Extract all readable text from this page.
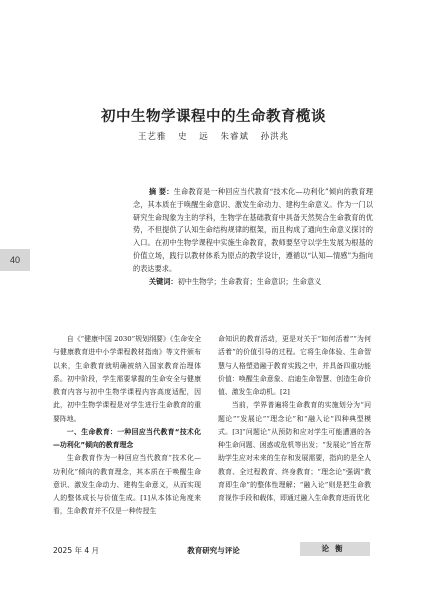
40
初中生物学课程中的生命教育榄谈
王艺雅 史 远 朱睿斌 孙洪兆

摘 要：生命教育是一种回应当代教育“技术化—功利化”倾向的教育理念，其本质在于唤醒生命意识、激发生命动力、建构生命意义。作为一门以研究生命现象为主的学科，生物学在基础教育中具备天然契合生命教育的优势，不但提供了认知生命结构规律的框架，而且构成了通向生命意义探讨的入口。在初中生物学课程中实施生命教育，教师要坚守以学生发展为根基的价值立场，践行以教材体系为原点的教学设计，遵循以“认知—情感”为指向的表达要求。

关键词：初中生物学；生命教育；生命意识；生命意义

自《“健康中国 2030”规划纲要》《生命安全与健康教育进中小学课程教材指南》等文件颁布以来，生命教育就明确被纳入国家教育治理体系。初中阶段，学生需要掌握的生命安全与健康教育内容与初中生物学课程内容高度适配，因此，初中生物学课程是对学生进行生命教育的重要阵地。

一、生命教育：一种回应当代教育“技术化—功利化”倾向的教育理念

生命教育作为一种回应当代教育“技术化—功利化”倾向的教育理念，其本质在于唤醒生命意识、激发生命动力、建构生命意义，从而实现人的整体成长与价值生成。[1]从本体论角度来看，生命教育并不仅是一种传授生

命知识的教育活动，更是对关于“如何活着”“为何活着”的价值引导的过程。它将生命体验、生命智慧与人格塑造融于教育实践之中，并具备四重功能价值：唤醒生命意象、启迪生命智慧、创造生命价值、激发生命动机。[2]

当前，学界普遍将生命教育的实施划分为“问题论”“发展论”“理念论”和“融入论”四种典型模式。[3]“问题论”从预防和应对学生可能遭遇的各种生命问题、困惑或危机等出发；“发展论”旨在帮助学生应对未来的生存和发展需要，指向的是全人教育、全过程教育、终身教育；“理念论”强调“教育即生命”的整体性理解；“融入论”则是把生命教育视作手段和载体，即通过融入生命教育进而优化

2025 年 4 月	教育研究与评论	论衡
